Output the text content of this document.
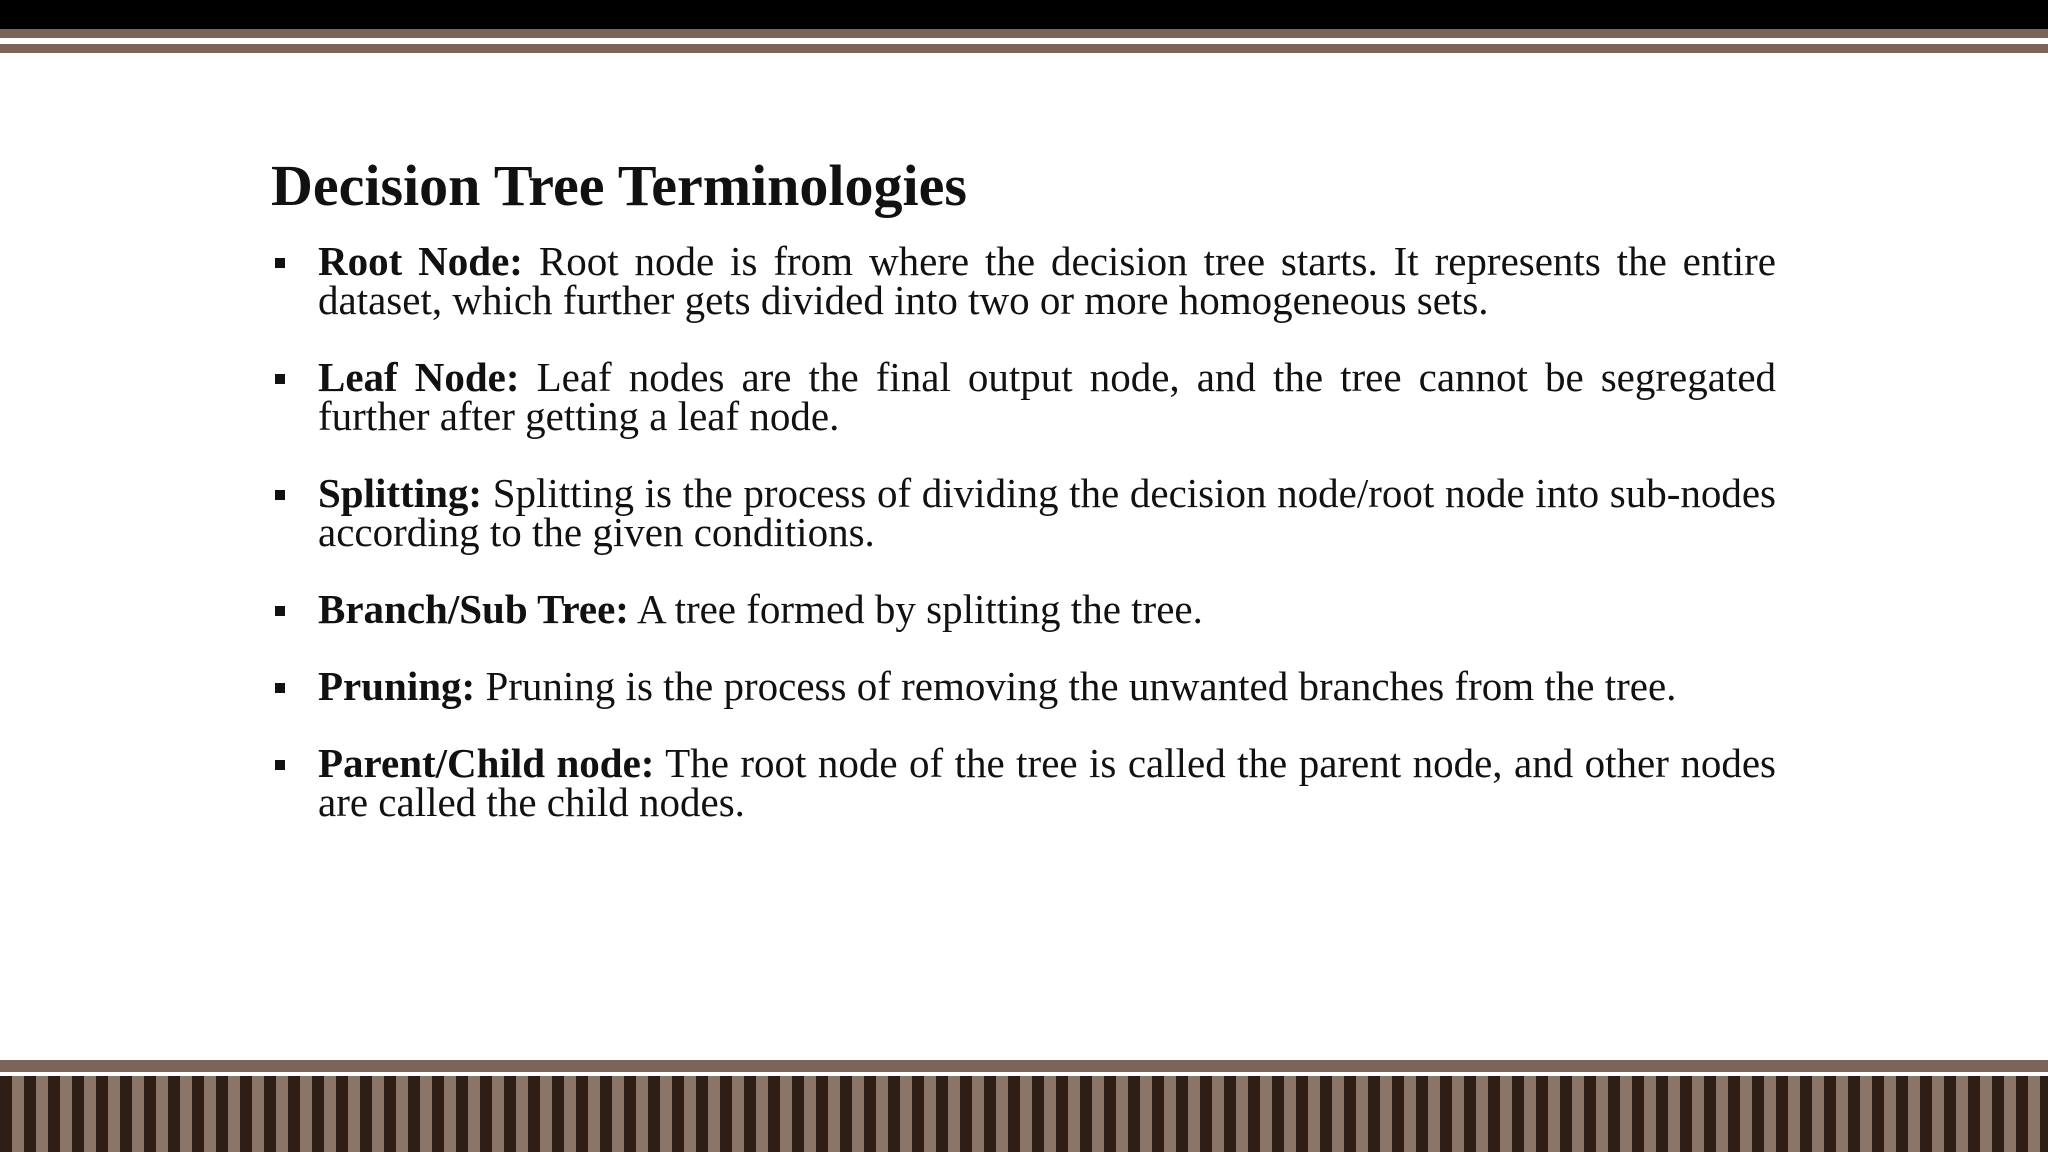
Decision Tree Terminologies
Root Node: Root node is from where the decision tree starts. It represents the entire dataset, which further gets divided into two or more homogeneous sets.
Leaf Node: Leaf nodes are the final output node, and the tree cannot be segregated further after getting a leaf node.
Splitting: Splitting is the process of dividing the decision node/root node into sub-nodes according to the given conditions.
Branch/Sub Tree: A tree formed by splitting the tree.
Pruning: Pruning is the process of removing the unwanted branches from the tree.
Parent/Child node: The root node of the tree is called the parent node, and other nodes are called the child nodes.
